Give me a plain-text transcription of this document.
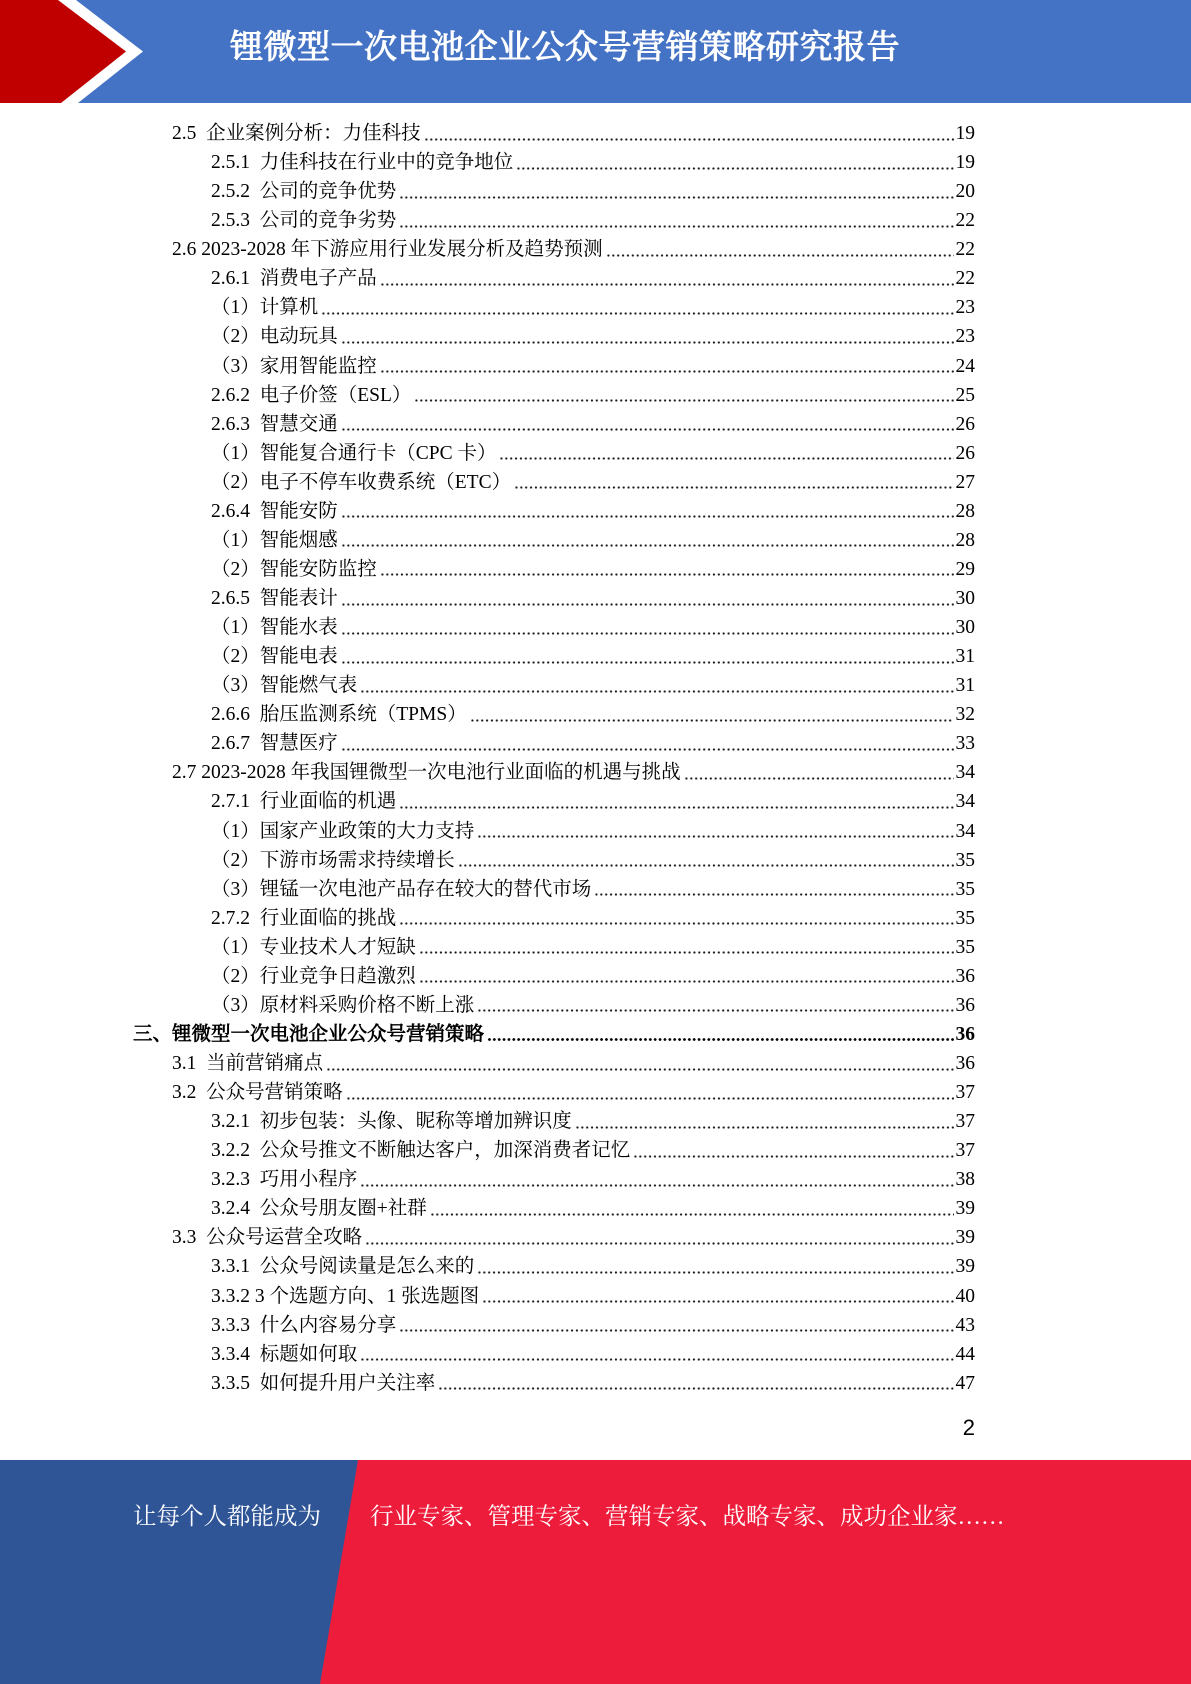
锂微型一次电池企业公众号营销策略研究报告
2.5  企业案例分析：力佳科技	19
2.5.1  力佳科技在行业中的竞争地位	19
2.5.2  公司的竞争优势	20
2.5.3  公司的竞争劣势	22
2.6 2023-2028 年下游应用行业发展分析及趋势预测	22
2.6.1  消费电子产品	22
（1）计算机	23
（2）电动玩具	23
（3）家用智能监控	24
2.6.2  电子价签（ESL）	25
2.6.3  智慧交通	26
（1）智能复合通行卡（CPC 卡）	26
（2）电子不停车收费系统（ETC）	27
2.6.4  智能安防	28
（1）智能烟感	28
（2）智能安防监控	29
2.6.5  智能表计	30
（1）智能水表	30
（2）智能电表	31
（3）智能燃气表	31
2.6.6  胎压监测系统（TPMS）	32
2.6.7  智慧医疗	33
2.7 2023-2028 年我国锂微型一次电池行业面临的机遇与挑战	34
2.7.1  行业面临的机遇	34
（1）国家产业政策的大力支持	34
（2）下游市场需求持续增长	35
（3）锂锰一次电池产品存在较大的替代市场	35
2.7.2  行业面临的挑战	35
（1）专业技术人才短缺	35
（2）行业竞争日趋激烈	36
（3）原材料采购价格不断上涨	36
三、锂微型一次电池企业公众号营销策略	36
3.1  当前营销痛点	36
3.2  公众号营销策略	37
3.2.1  初步包装：头像、昵称等增加辨识度	37
3.2.2  公众号推文不断触达客户，加深消费者记忆	37
3.2.3  巧用小程序	38
3.2.4  公众号朋友圈+社群	39
3.3  公众号运营全攻略	39
3.3.1  公众号阅读量是怎么来的	39
3.3.2 3 个选题方向、1 张选题图	40
3.3.3  什么内容易分享	43
3.3.4  标题如何取	44
3.3.5  如何提升用户关注率	47
2
让每个人都能成为 行业专家、管理专家、营销专家、战略专家、成功企业家……
